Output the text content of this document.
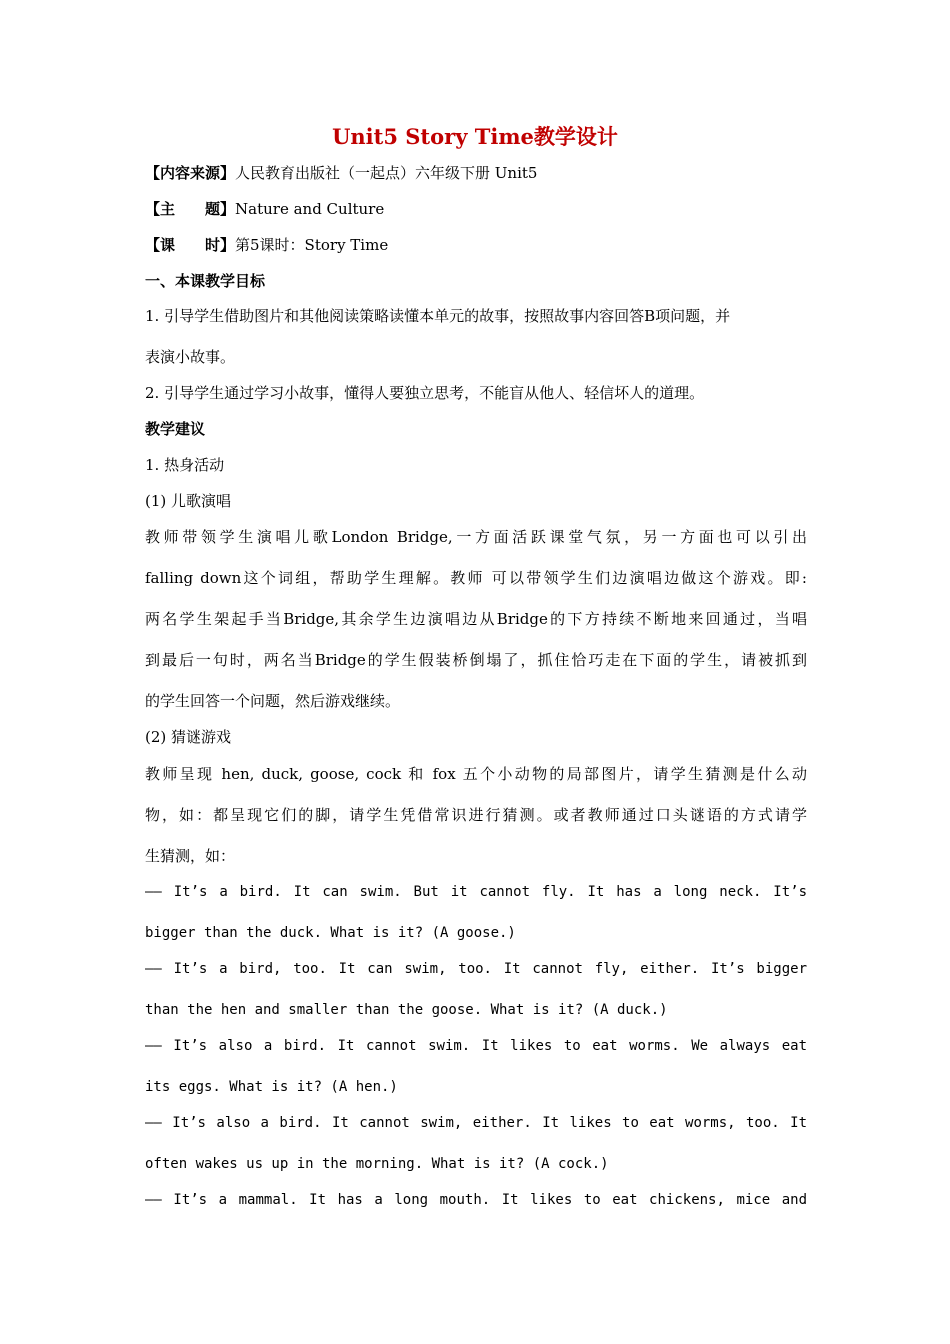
Unit5 Story Time教学设计
【内容来源】人民教育出版社（一起点）六年级下册 Unit5
【主　　题】Nature and Culture
【课　　时】第5课时：Story Time
一、本课教学目标
1. 引导学生借助图片和其他阅读策略读懂本单元的故事，按照故事内容回答B项问题，并
表演小故事。
2. 引导学生通过学习小故事，懂得人要独立思考，不能盲从他人、轻信坏人的道理。
教学建议
1. 热身活动
(1) 儿歌演唱
教师带领学生演唱儿歌London Bridge,一方面活跃课堂气氛，另一方面也可以引出
falling down这个词组，帮助学生理解。教师 可以带领学生们边演唱边做这个游戏。即:
两名学生架起手当Bridge,其余学生边演唱边从Bridge的下方持续不断地来回通过，当唱
到最后一句时，两名当Bridge的学生假装桥倒塌了，抓住恰巧走在下面的学生，请被抓到
的学生回答一个问题，然后游戏继续。
(2) 猜谜游戏
教师呈现 hen, duck, goose, cock 和 fox 五个小动物的局部图片，请学生猜测是什么动
物，如：都呈现它们的脚，请学生凭借常识进行猜测。或者教师通过口头谜语的方式请学
生猜测，如：
—— It’s a bird. It can swim. But it cannot fly. It has a long neck. It’s
bigger than the duck. What is it? (A goose.)
—— It’s a bird, too. It can swim, too. It cannot fly, either. It’s bigger
than the hen and smaller than the goose. What is it? (A duck.)
—— It’s also a bird. It cannot swim. It likes to eat worms. We always eat
its eggs. What is it? (A hen.)
—— It’s also a bird. It cannot swim, either. It likes to eat worms, too. It
often wakes us up in the morning. What is it? (A cock.)
—— It’s a mammal. It has a long mouth. It likes to eat chickens, mice and
